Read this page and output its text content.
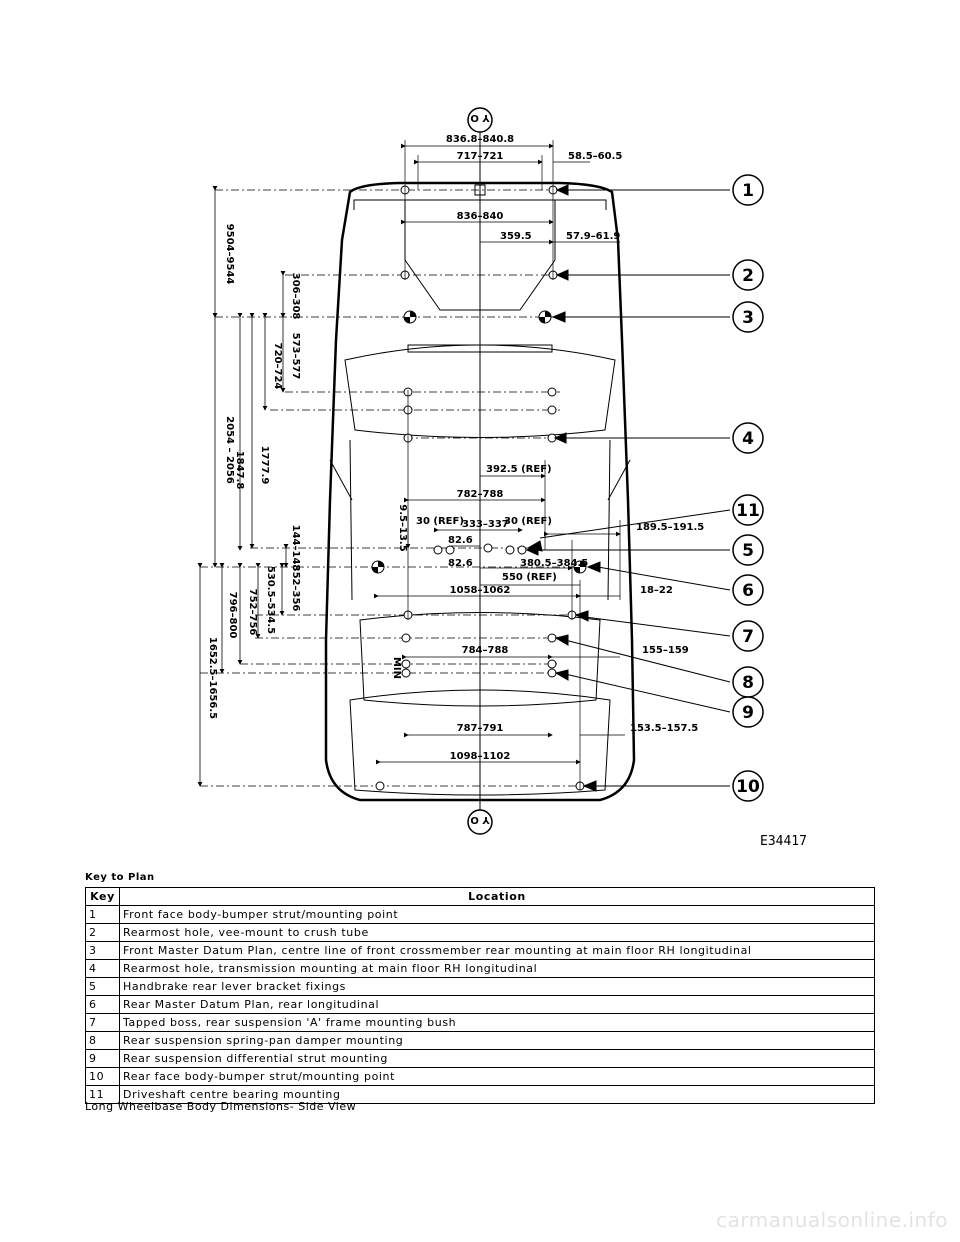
Y O
Y O
1
2
3
4
11
5
6
7
8
9
10
836.8–840.8
717–721	58.5–60.5
836–840
359.5	57.9–61.9
9504–9544
306–308
573–577
720–724
2054 – 2056 1847.8 1777.9
9.5–13.5
144–148
352–356
530.5–534.5
752–756
796–800
1652.5–1656.5
392.5 (REF)
782–788
30 (REF)
333–337
30 (REF)
189.5–191.5
82.6
82.6	380.5–384.5
550 (REF)
1058–1062	18–22
784–788	155–159
MIN
787–791	153.5–157.5
1098–1102
E34417
Key to Plan
Key	Location
1	Front face body-bumper strut/mounting point
2	Rearmost hole, vee-mount to crush tube
3	Front Master Datum Plan, centre line of front crossmember rear mounting at main floor RH longitudinal
4	Rearmost hole, transmission mounting at main floor RH longitudinal
5	Handbrake rear lever bracket fixings
6	Rear Master Datum Plan, rear longitudinal
7	Tapped boss, rear suspension 'A' frame mounting bush
8	Rear suspension spring-pan damper mounting
9	Rear suspension differential strut mounting
10	Rear face body-bumper strut/mounting point
11	Driveshaft centre bearing mounting
Long Wheelbase Body Dimensions- Side View
carmanualsonline.info
